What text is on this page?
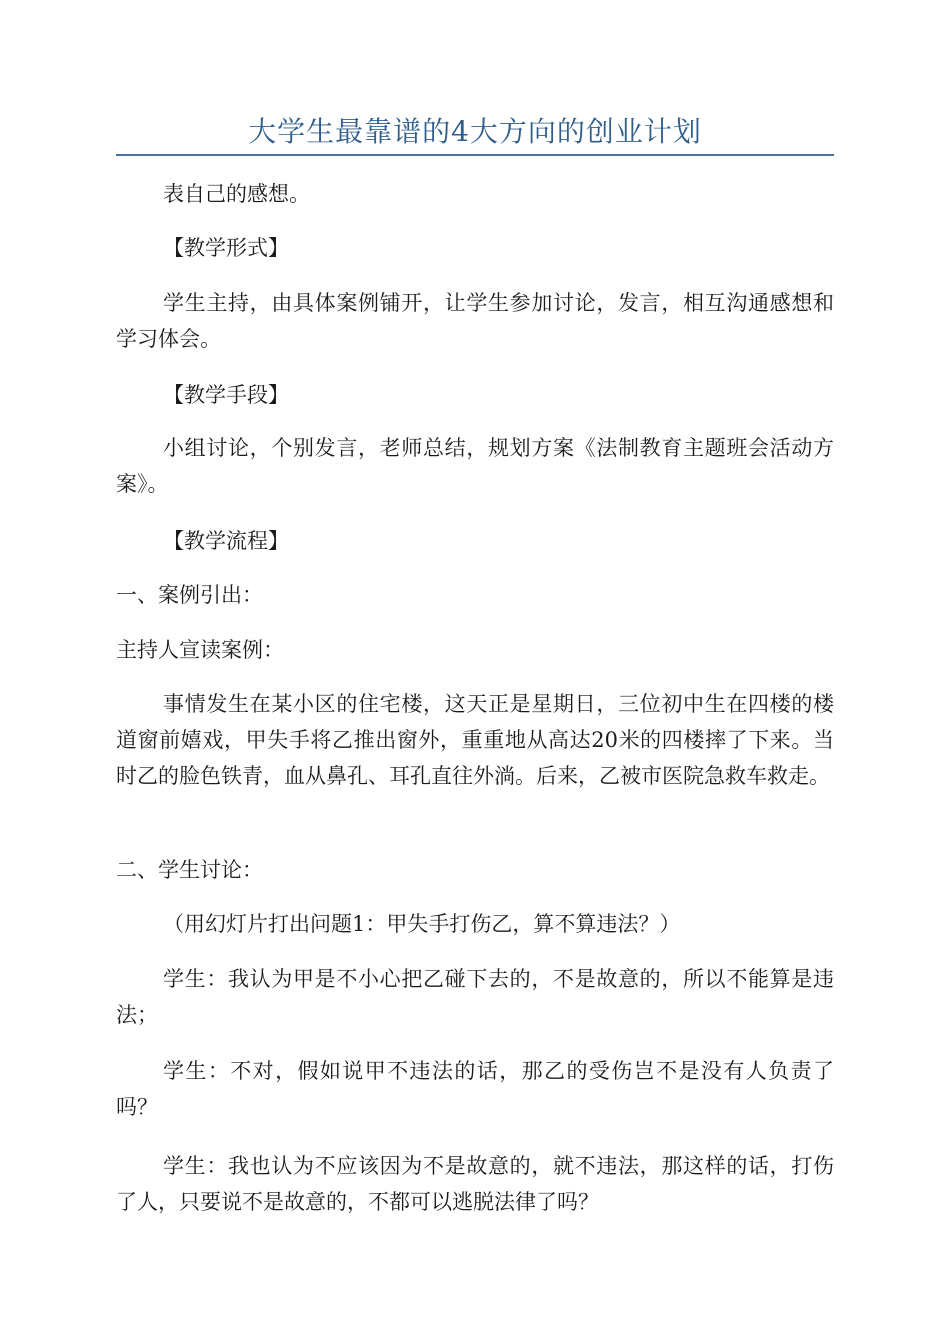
大学生最靠谱的4大方向的创业计划

表自己的感想。

【教学形式】

学生主持，由具体案例铺开，让学生参加讨论，发言，相互沟通感想和学习体会。

【教学手段】

小组讨论，个别发言，老师总结，规划方案《法制教育主题班会活动方案》。

【教学流程】

一、案例引出：

主持人宣读案例：

事情发生在某小区的住宅楼，这天正是星期日，三位初中生在四楼的楼道窗前嬉戏，甲失手将乙推出窗外，重重地从高达20米的四楼摔了下来。当时乙的脸色铁青，血从鼻孔、耳孔直往外淌。后来，乙被市医院急救车救走。

二、学生讨论：

（用幻灯片打出问题1：甲失手打伤乙，算不算违法？）

学生：我认为甲是不小心把乙碰下去的，不是故意的，所以不能算是违法；

学生：不对，假如说甲不违法的话，那乙的受伤岂不是没有人负责了吗？

学生：我也认为不应该因为不是故意的，就不违法，那这样的话，打伤了人，只要说不是故意的，不都可以逃脱法律了吗？
